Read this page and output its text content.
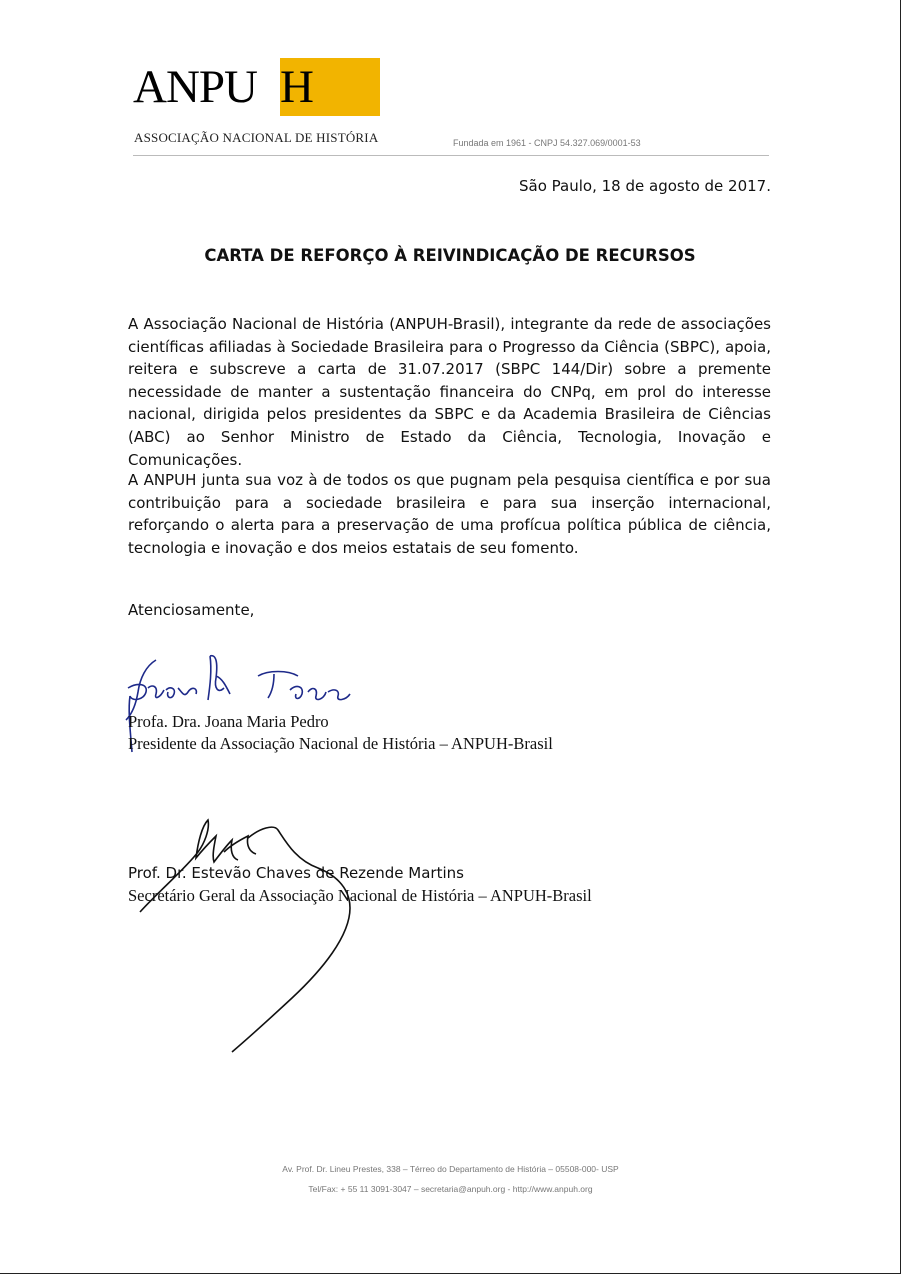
ANPU H
ASSOCIAÇÃO NACIONAL DE HISTÓRIA	Fundada em 1961 - CNPJ 54.327.069/0001-53
São Paulo, 18 de agosto de 2017.
CARTA DE REFORÇO À REIVINDICAÇÃO DE RECURSOS
A Associação Nacional de História (ANPUH-Brasil), integrante da rede de associações científicas afiliadas à Sociedade Brasileira para o Progresso da Ciência (SBPC), apoia, reitera e subscreve a carta de 31.07.2017 (SBPC 144/Dir) sobre a premente necessidade de manter a sustentação financeira do CNPq, em prol do interesse nacional, dirigida pelos presidentes da SBPC e da Academia Brasileira de Ciências (ABC) ao Senhor Ministro de Estado da Ciência, Tecnologia, Inovação e Comunicações.
A ANPUH junta sua voz à de todos os que pugnam pela pesquisa científica e por sua contribuição para a sociedade brasileira e para sua inserção internacional, reforçando o alerta para a preservação de uma profícua política pública de ciência, tecnologia e inovação e dos meios estatais de seu fomento.
Atenciosamente,
Profa. Dra. Joana Maria Pedro
Presidente da Associação Nacional de História – ANPUH-Brasil
Prof. Dr. Estevão Chaves de Rezende Martins
Secretário Geral da Associação Nacional de História – ANPUH-Brasil
Av. Prof. Dr. Lineu Prestes, 338 – Térreo do Departamento de História – 05508-000- USP
Tel/Fax: + 55 11 3091-3047 – secretaria@anpuh.org - http://www.anpuh.org
